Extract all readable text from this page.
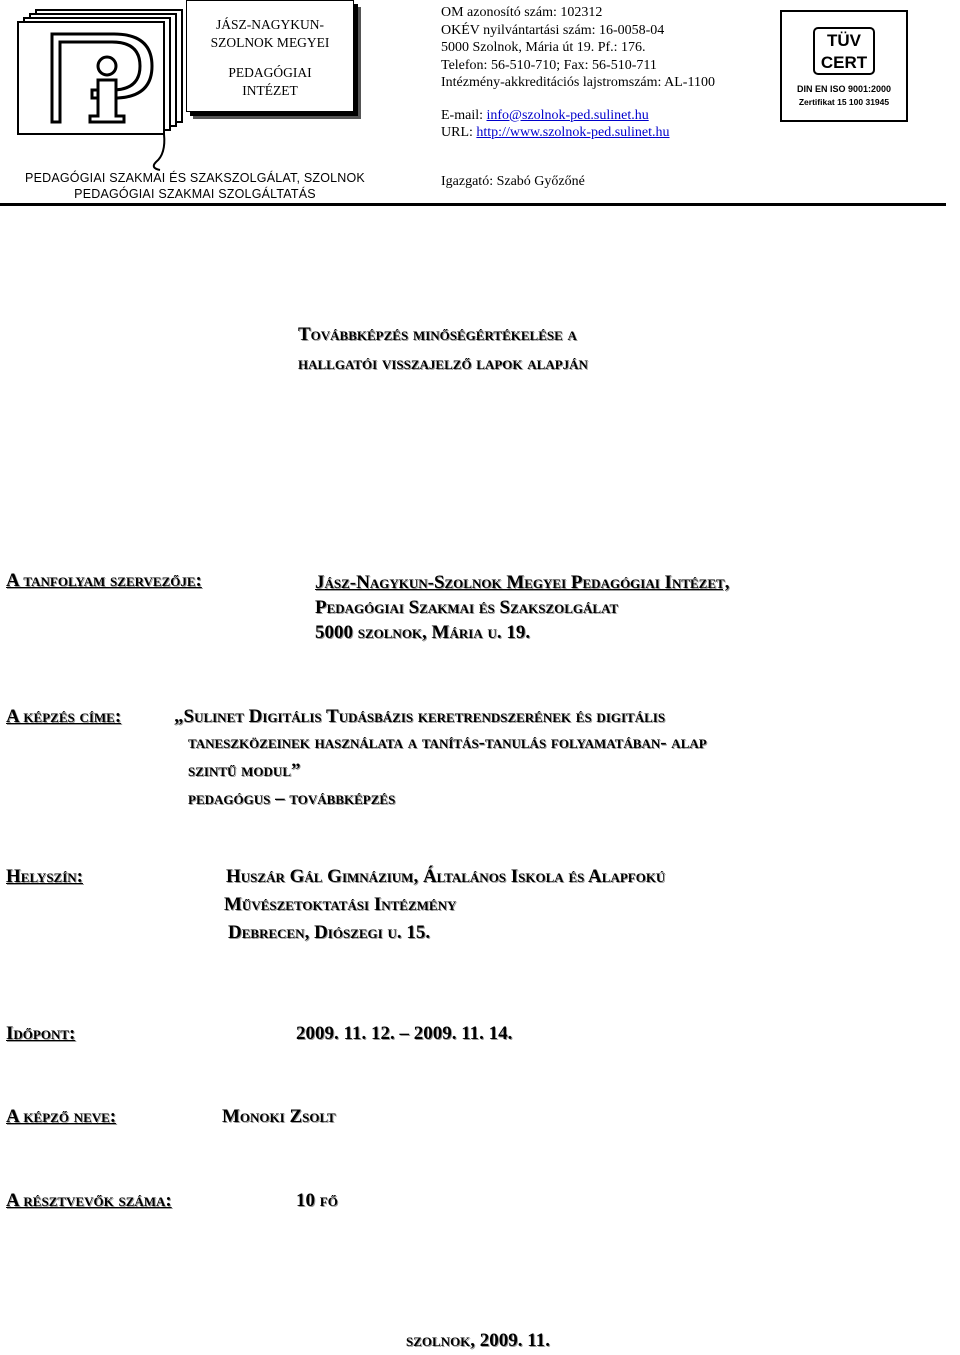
JÁSZ-NAGYKUN-
SZOLNOK MEGYEI
PEDAGÓGIAI
INTÉZET
OM azonosító szám: 102312
OKÉV nyilvántartási szám: 16-0058-04
5000 Szolnok, Mária út 19. Pf.: 176.
Telefon: 56-510-710; Fax: 56-510-711
Intézmény-akkreditációs lajstromszám: AL-1100
E-mail: info@szolnok-ped.sulinet.hu
URL: http://www.szolnok-ped.sulinet.hu
TÜV
CERT
DIN EN ISO 9001:2000
Zertifikat 15 100 31945
PEDAGÓGIAI SZAKMAI ÉS SZAKSZOLGÁLAT, SZOLNOK
PEDAGÓGIAI SZAKMAI SZOLGÁLTATÁS
Igazgató: Szabó Győzőné
Továbbképzés minőségértékelése a
hallgatói visszajelző lapok alapján
A tanfolyam szervezője:	Jász-Nagykun-Szolnok Megyei Pedagógiai Intézet,
Pedagógiai Szakmai és Szakszolgálat
5000 szolnok, Mária u. 19.
A képzés címe:	„Sulinet Digitális Tudásbázis keretrendszerének és digitális
taneszközeinek használata a tanítás-tanulás folyamatában- alap
szintű modul”
pedagógus – továbbképzés
Helyszín:	Huszár Gál Gimnázium, Általános Iskola és Alapfokú
Művészetoktatási Intézmény
Debrecen, Diószegi u. 15.
Időpont:	2009. 11. 12. – 2009. 11. 14.
A képző neve:	Monoki Zsolt
A résztvevők száma:	10 fő
szolnok, 2009. 11.
